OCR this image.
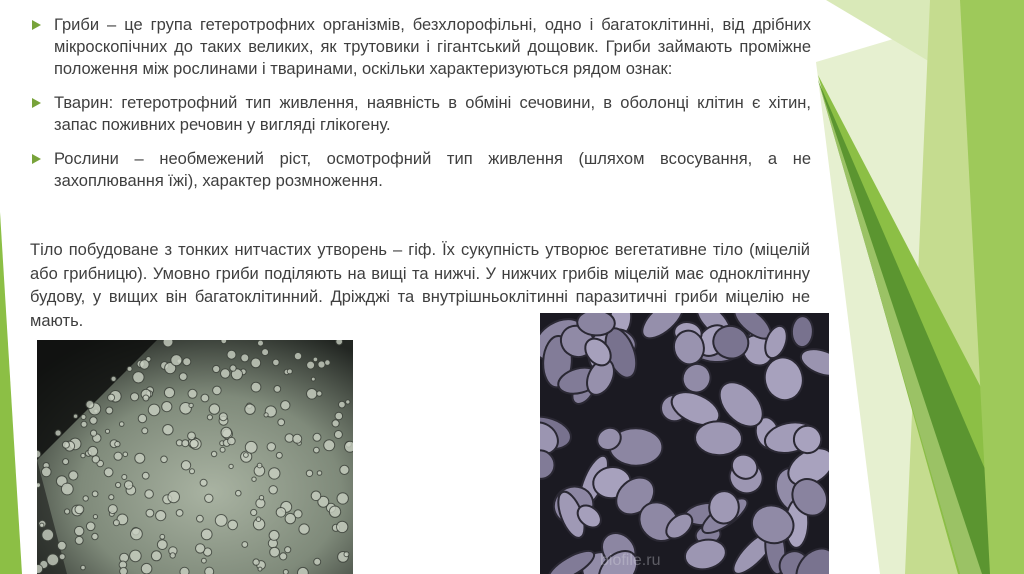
Гриби – це група гетеротрофних організмів, безхлорофільні, одно і багатоклітинні, від дрібних мікроскопічних до таких великих, як трутовики і гігантський дощовик. Гриби займають проміжне положення між рослинами і тваринами, оскільки характеризуються рядом ознак:
Тварин: гетеротрофний тип живлення, наявність в обміні сечовини, в оболонці клітин є хітин, запас поживних речовин у вигляді глікогену.
Рослини – необмежений ріст, осмотрофний тип живлення (шляхом всосування, а не захоплювання їжі), характер розмноження.

Тіло побудоване з тонких нитчастих утворень – гіф. Їх сукупність утворює вегетативне тіло (міцелій або грибницю). Умовно гриби поділяють на вищі та нижчі. У нижчих грибів міцелій має одноклітинну будову, у вищих він багатоклітинний. Дріжджі та внутрішньоклітинні паразитичні гриби міцелію не мають.

biofile.ru
